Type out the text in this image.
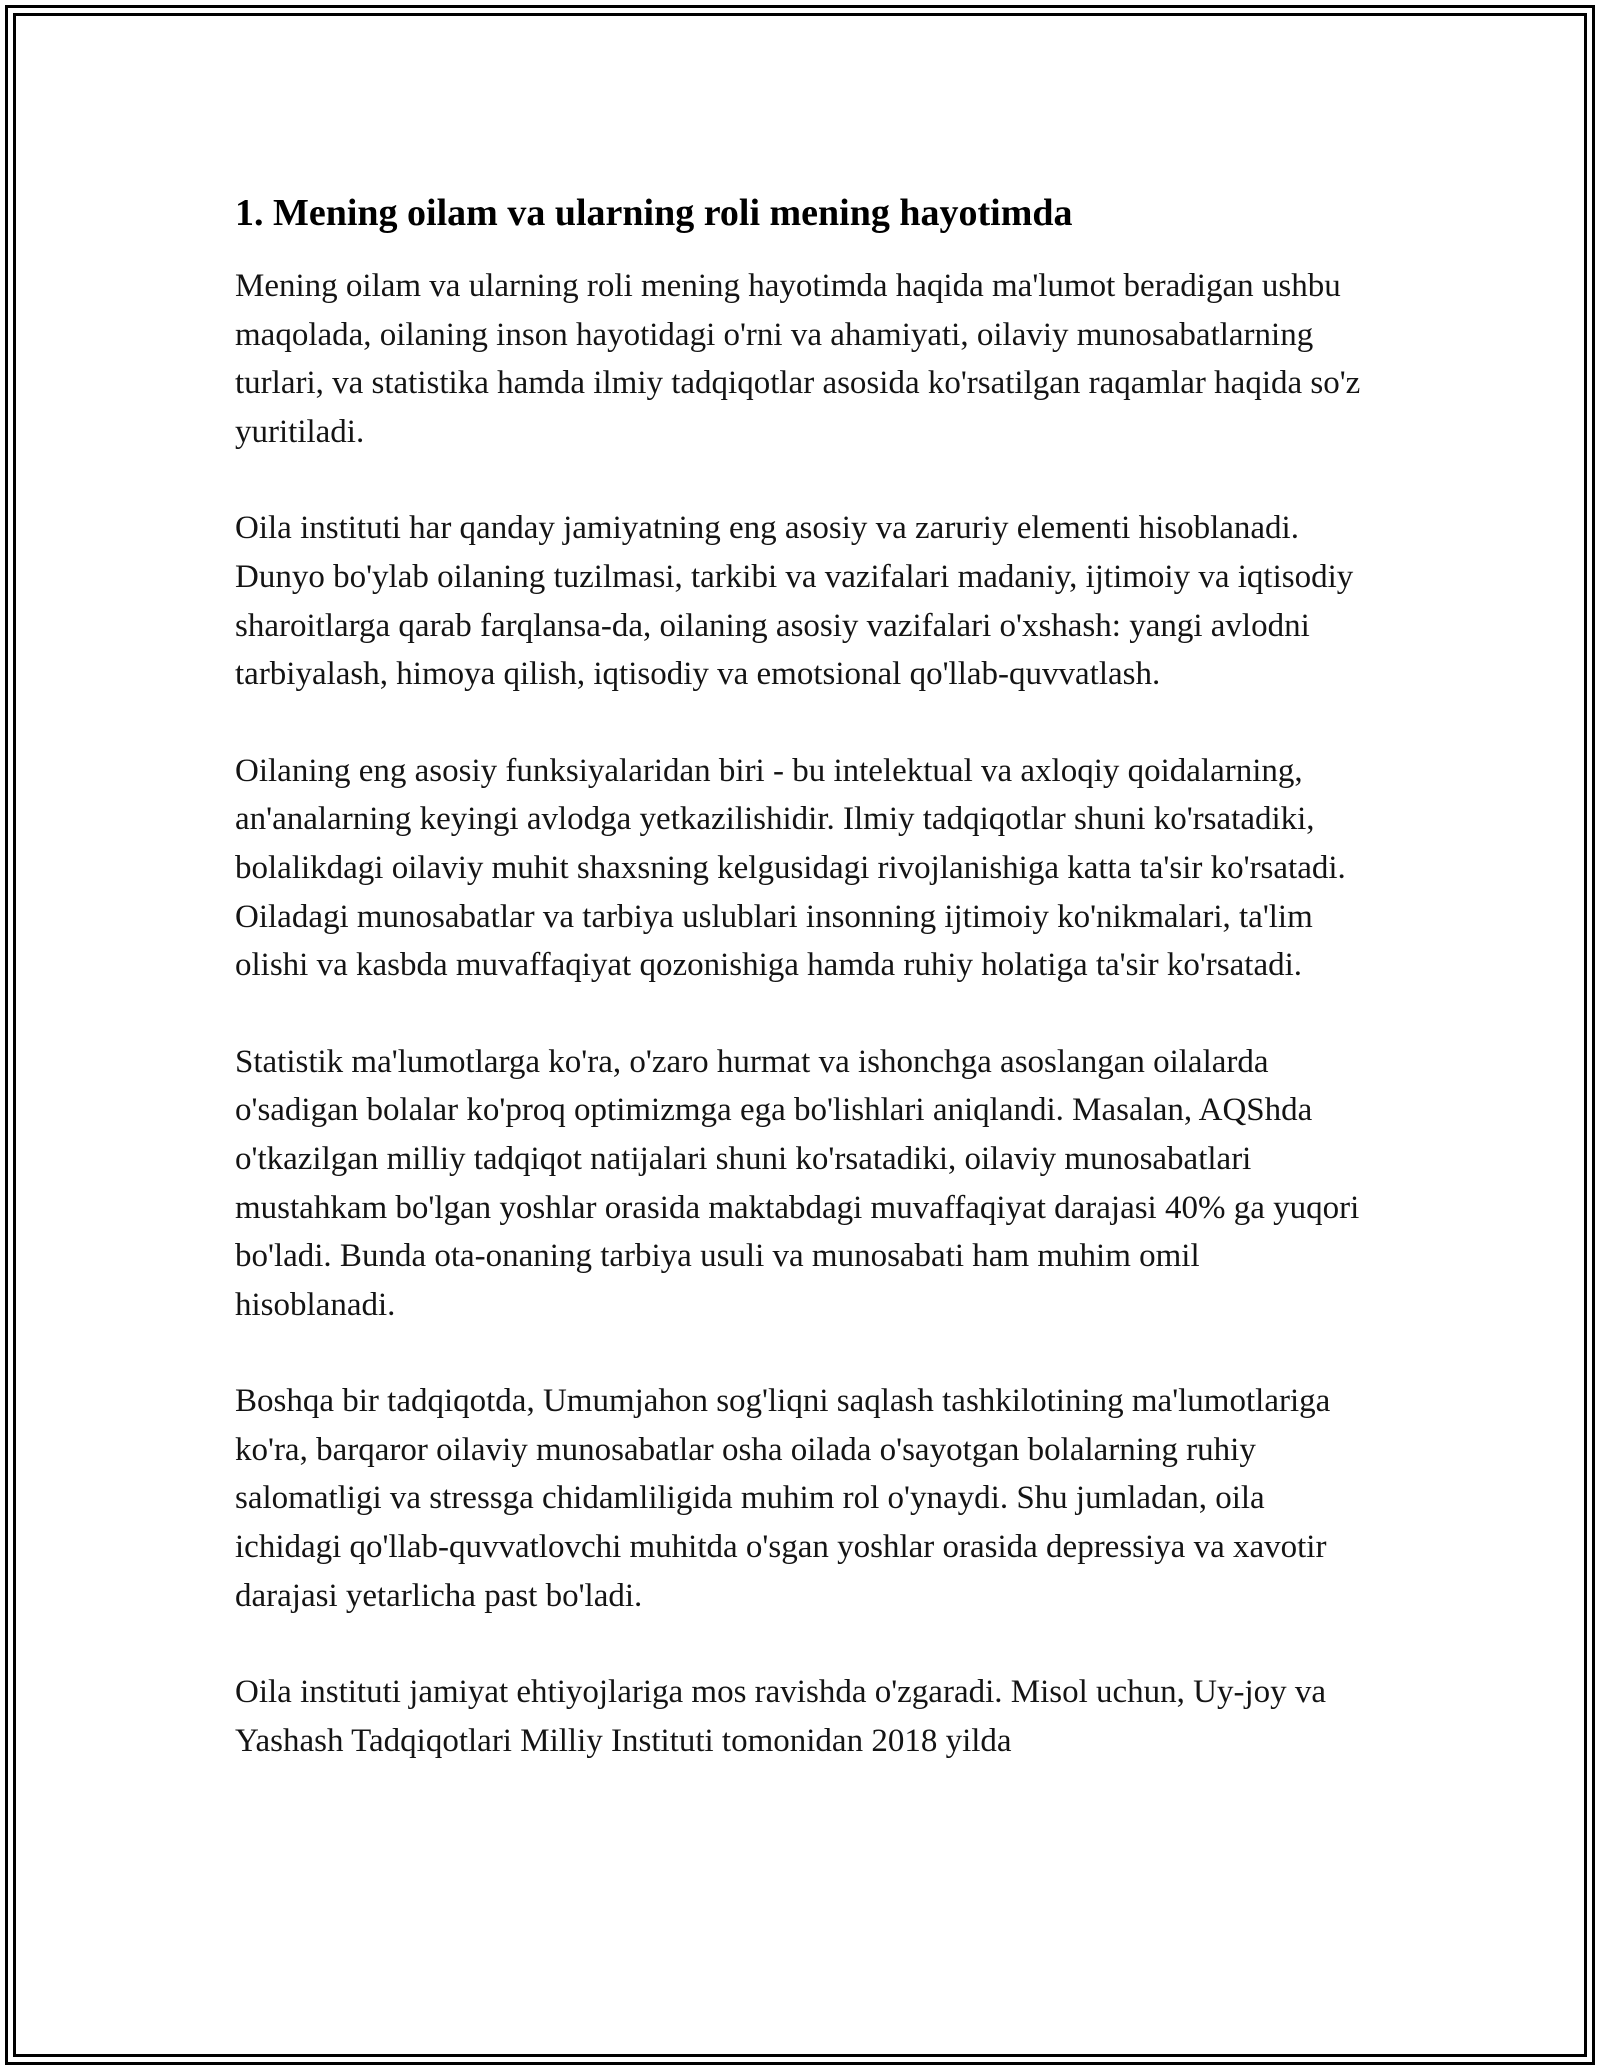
1. Mening oilam va ularning roli mening hayotimda

Mening oilam va ularning roli mening hayotimda haqida ma'lumot beradigan ushbu maqolada, oilaning inson hayotidagi o'rni va ahamiyati, oilaviy munosabatlarning turlari, va statistika hamda ilmiy tadqiqotlar asosida ko'rsatilgan raqamlar haqida so'z yuritiladi.

Oila instituti har qanday jamiyatning eng asosiy va zaruriy elementi hisoblanadi. Dunyo bo'ylab oilaning tuzilmasi, tarkibi va vazifalari madaniy, ijtimoiy va iqtisodiy sharoitlarga qarab farqlansa-da, oilaning asosiy vazifalari o'xshash: yangi avlodni tarbiyalash, himoya qilish, iqtisodiy va emotsional qo'llab-quvvatlash.

Oilaning eng asosiy funksiyalaridan biri - bu intelektual va axloqiy qoidalarning, an'analarning keyingi avlodga yetkazilishidir. Ilmiy tadqiqotlar shuni ko'rsatadiki, bolalikdagi oilaviy muhit shaxsning kelgusidagi rivojlanishiga katta ta'sir ko'rsatadi. Oiladagi munosabatlar va tarbiya uslublari insonning ijtimoiy ko'nikmalari, ta'lim olishi va kasbda muvaffaqiyat qozonishiga hamda ruhiy holatiga ta'sir ko'rsatadi.

Statistik ma'lumotlarga ko'ra, o'zaro hurmat va ishonchga asoslangan oilalarda o'sadigan bolalar ko'proq optimizmga ega bo'lishlari aniqlandi. Masalan, AQShda o'tkazilgan milliy tadqiqot natijalari shuni ko'rsatadiki, oilaviy munosabatlari mustahkam bo'lgan yoshlar orasida maktabdagi muvaffaqiyat darajasi 40% ga yuqori bo'ladi. Bunda ota-onaning tarbiya usuli va munosabati ham muhim omil hisoblanadi.

Boshqa bir tadqiqotda, Umumjahon sog'liqni saqlash tashkilotining ma'lumotlariga ko'ra, barqaror oilaviy munosabatlar osha oilada o'sayotgan bolalarning ruhiy salomatligi va stressga chidamliligida muhim rol o'ynaydi. Shu jumladan, oila ichidagi qo'llab-quvvatlovchi muhitda o'sgan yoshlar orasida depressiya va xavotir darajasi yetarlicha past bo'ladi.

Oila instituti jamiyat ehtiyojlariga mos ravishda o'zgaradi. Misol uchun, Uy-joy va Yashash Tadqiqotlari Milliy Instituti tomonidan 2018 yilda
